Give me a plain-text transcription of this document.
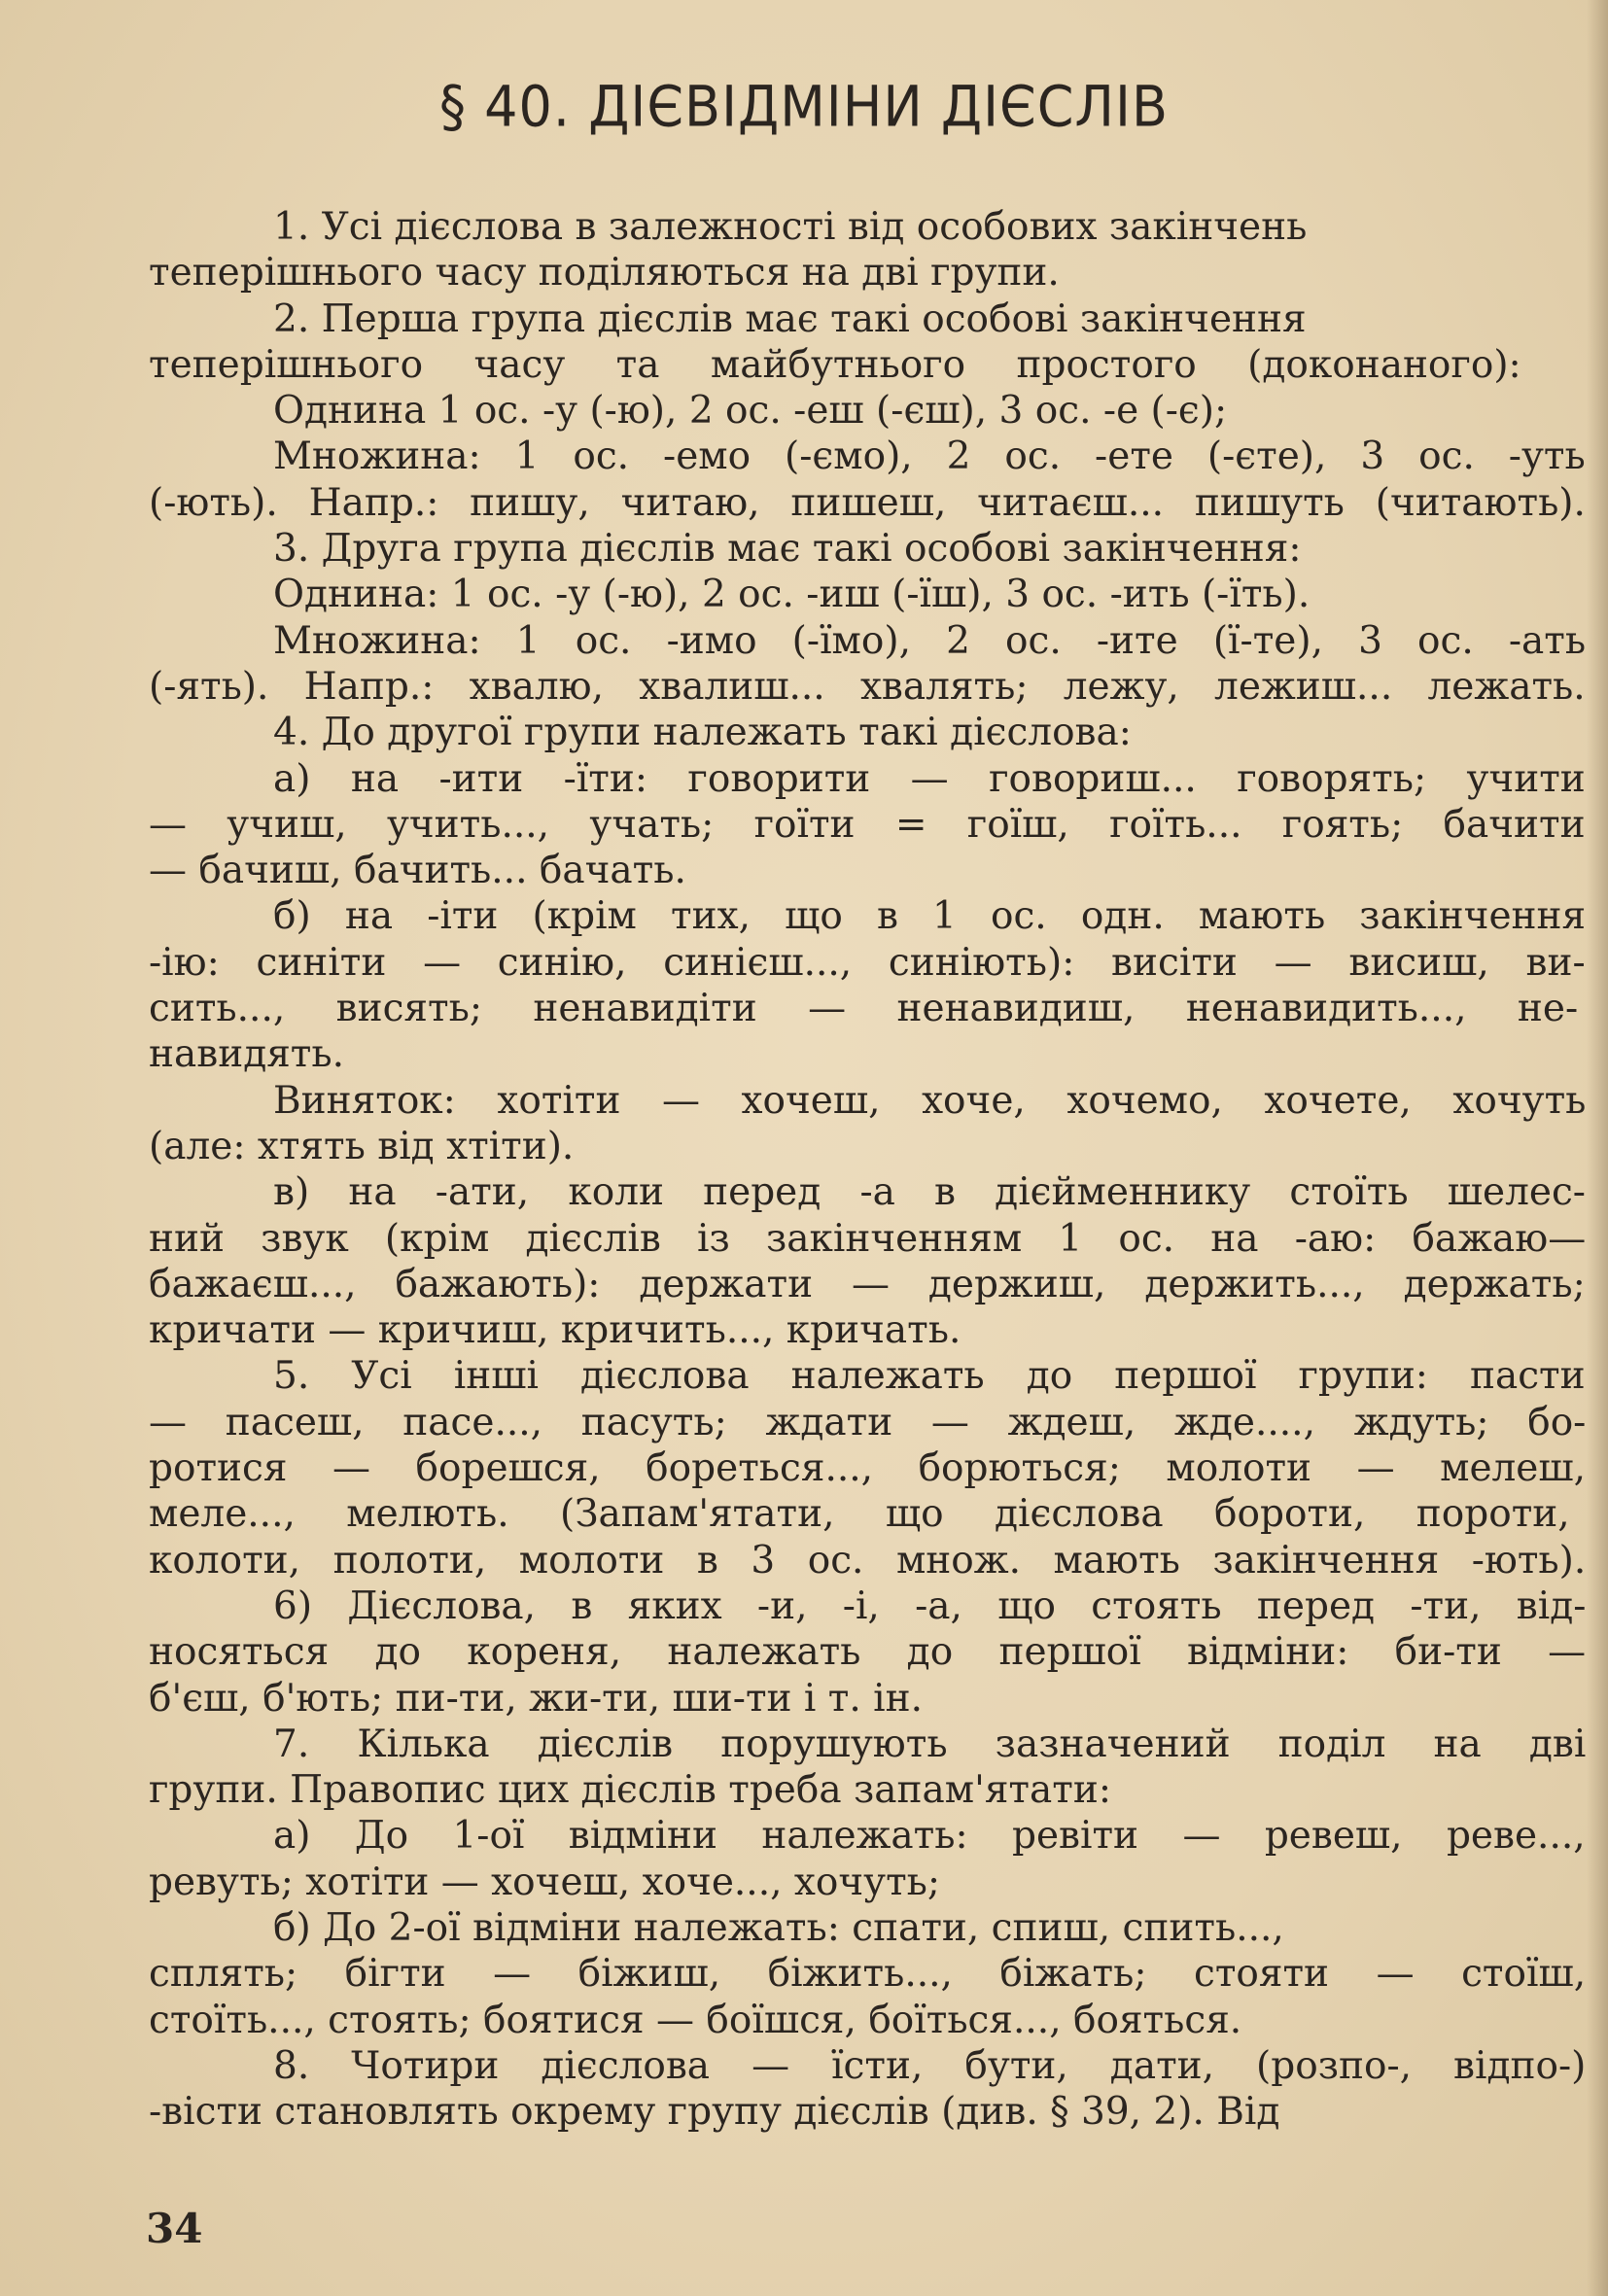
§ 40. ДІЄВІДМІНИ ДІЄСЛІВ
1. Усі дієслова в залежності від особових закінчень
теперішнього часу поділяються на дві групи.
2. Перша група дієслів має такі особові закінчення
теперішнього часу та майбутнього простого (доконаного):
Однина 1 ос. -у (-ю), 2 ос. -еш (-єш), 3 ос. -е (-є);
Множина: 1 ос. -емо (-ємо), 2 ос. -ете (-єте), 3 ос. -уть
(-ють). Напр.: пишу, читаю, пишеш, читаєш... пишуть (читають).
3. Друга група дієслів має такі особові закінчення:
Однина: 1 ос. -у (-ю), 2 ос. -иш (-їш), 3 ос. -ить (-їть).
Множина: 1 ос. -имо (-їмо), 2 ос. -ите (ї-те), 3 ос. -ать
(-ять). Напр.: хвалю, хвалиш... хвалять; лежу, лежиш... лежать.
4. До другої групи належать такі дієслова:
а) на -ити -їти: говорити — говориш... говорять; учити
— учиш, учить..., учать; гоїти = гоїш, гоїть... гоять; бачити
— бачиш, бачить... бачать.
б) на -іти (крім тих, що в 1 ос. одн. мають закінчення
-ію: синіти — синію, синієш..., синіють): висіти — висиш, ви-
сить..., висять; ненавидіти — ненавидиш, ненавидить..., не-
навидять.
Виняток: хотіти — хочеш, хоче, хочемо, хочете, хочуть
(але: хтять від хтіти).
в) на -ати, коли перед -а в дієйменнику стоїть шелес-
ний звук (крім дієслів із закінченням 1 ос. на -аю: бажаю—
бажаєш..., бажають): держати — держиш, держить..., держать;
кричати — кричиш, кричить..., кричать.
5. Усі інші дієслова належать до першої групи: пасти
— пасеш, пасе..., пасуть; ждати — ждеш, жде...., ждуть; бо-
ротися — борешся, бореться..., борються; молоти — мелеш,
меле..., мелють. (Запам'ятати, що дієслова бороти, пороти,
колоти, полоти, молоти в 3 ос. множ. мають закінчення -ють).
6) Дієслова, в яких -и, -і, -а, що стоять перед -ти, від-
носяться до кореня, належать до першої відміни: би-ти —
б'єш, б'ють; пи-ти, жи-ти, ши-ти і т. ін.
7. Кілька дієслів порушують зазначений поділ на дві
групи. Правопис цих дієслів треба запам'ятати:
а) До 1-ої відміни належать: ревіти — ревеш, реве...,
ревуть; хотіти — хочеш, хоче..., хочуть;
б) До 2-ої відміни належать: спати, спиш, спить...,
сплять; бігти — біжиш, біжить..., біжать; стояти — стоїш,
стоїть..., стоять; боятися — боїшся, боїться..., бояться.
8. Чотири дієслова — їсти, бути, дати, (розпо-, відпо-)
-вісти становлять окрему групу дієслів (див. § 39, 2). Від
34
